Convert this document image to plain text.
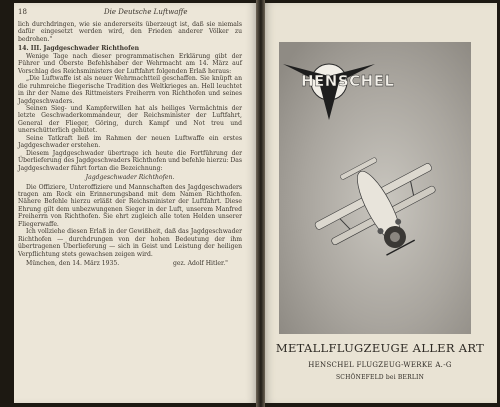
18	Die Deutsche Luftwaffe

lich durchdringen, wie sie andererseits überzeugt ist, daß sie niemals dafür eingesetzt werden wird, den Frieden anderer Völker zu bedrohen."

14. III. Jagdgeschwader Richthofen

Wenige Tage nach dieser programmatischen Erklärung gibt der Führer und Oberste Befehlshaber der Wehrmacht am 14. März auf Vorschlag des Reichsministers der Luftfahrt folgenden Erlaß heraus:

„Die Luftwaffe ist als neuer Wehrmachtteil geschaffen. Sie knüpft an die ruhmreiche fliegerische Tradition des Weltkrieges an. Hell leuchtet in ihr der Name des Rittmeisters Freiherrn von Richthofen und seines Jagdgeschwaders.

Seinen Sieg- und Kampferwillen hat als heiliges Vermächtnis der letzte Geschwaderkommandeur, der Reichsminister der Luftfahrt, General der Flieger, Göring, durch Kampf und Not treu und unerschütterlich gehütet.

Seine Tatkraft ließ im Rahmen der neuen Luftwaffe ein erstes Jagdgeschwader erstehen.

Diesem Jagdgeschwader übertrage ich heute die Fortführung der Überlieferung des Jagdgeschwaders Richthofen und befehle hierzu: Das Jagdgeschwader führt fortan die Bezeichnung:

Jagdgeschwader Richthofen.

Die Offiziere, Unteroffiziere und Mannschaften des Jagdgeschwaders tragen am Rock ein Erinnerungsband mit dem Namen Richthofen. Nähere Befehle hierzu erläßt der Reichsminister der Luftfahrt. Diese Ehrung gilt dem unbezwungenen Sieger in der Luft, unserem Manfred Freiherrn von Richthofen. Sie ehrt zugleich alle toten Helden unserer Fliegerwaffe.

Ich vollziehe diesen Erlaß in der Gewißheit, daß das Jagdgeschwader Richthofen — durchdrungen von der hohen Bedeutung der ihm übertragenen Überlieferung — sich in Geist und Leistung der heiligen Verpflichtung stets gewachsen zeigen wird.

München, den 14. März 1935.	gez. Adolf Hitler."

HENSCHEL
METALLFLUGZEUGE ALLER ART
HENSCHEL FLUGZEUG-WERKE A.-G
SCHÖNEFELD bei BERLIN
